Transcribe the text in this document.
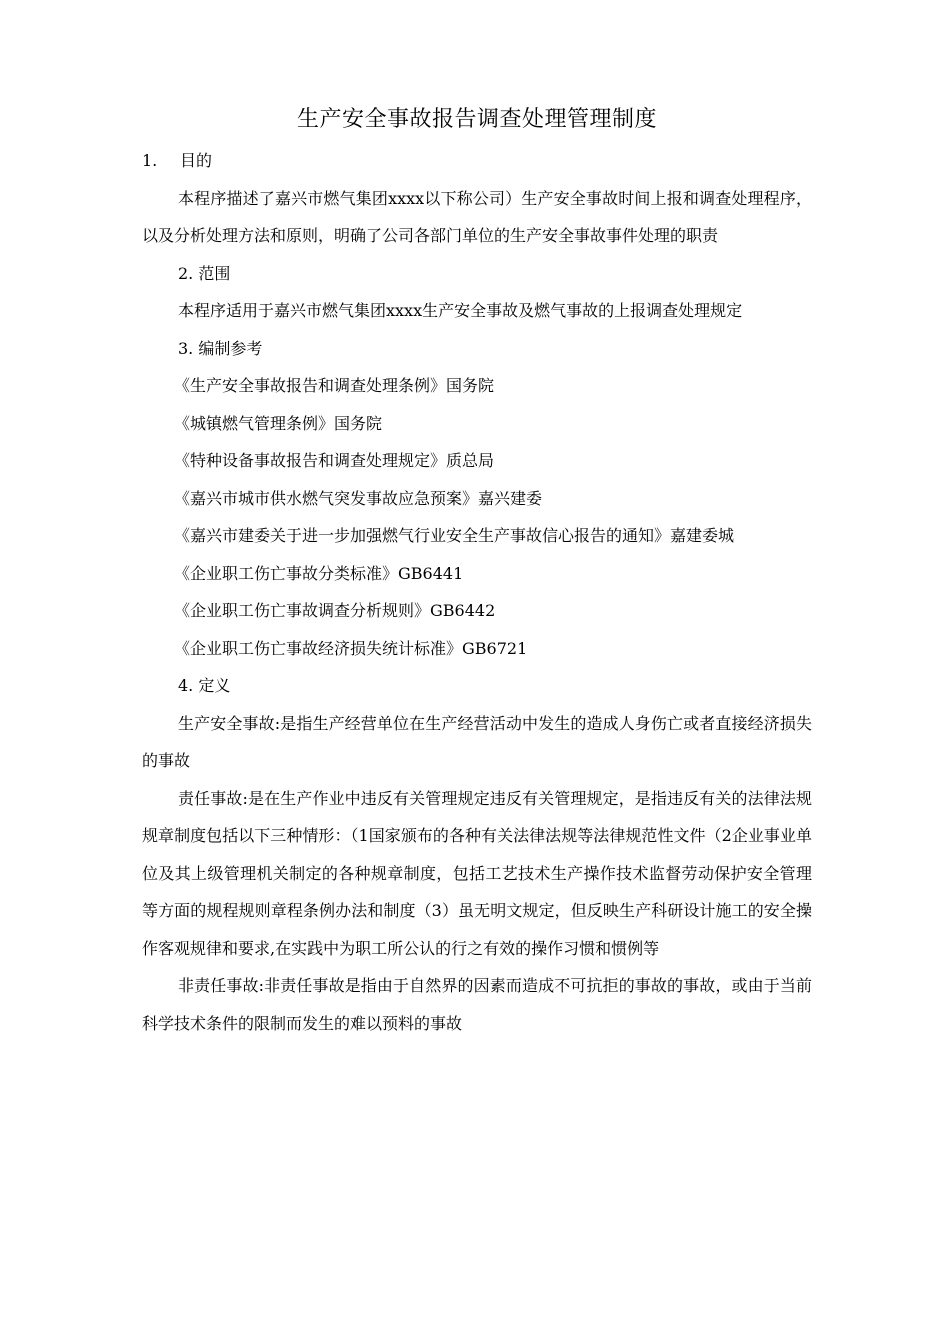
生产安全事故报告调查处理管理制度

1. 目的

本程序描述了嘉兴市燃气集团xxxx以下称公司）生产安全事故时间上报和调查处理程序，以及分析处理方法和原则，明确了公司各部门单位的生产安全事故事件处理的职责

2. 范围

本程序适用于嘉兴市燃气集团xxxx生产安全事故及燃气事故的上报调查处理规定

3. 编制参考

《生产安全事故报告和调查处理条例》国务院
《城镇燃气管理条例》国务院
《特种设备事故报告和调查处理规定》质总局
《嘉兴市城市供水燃气突发事故应急预案》嘉兴建委
《嘉兴市建委关于进一步加强燃气行业安全生产事故信心报告的通知》嘉建委城
《企业职工伤亡事故分类标准》GB6441
《企业职工伤亡事故调查分析规则》GB6442
《企业职工伤亡事故经济损失统计标准》GB6721

4. 定义

生产安全事故:是指生产经营单位在生产经营活动中发生的造成人身伤亡或者直接经济损失的事故

责任事故:是在生产作业中违反有关管理规定违反有关管理规定，是指违反有关的法律法规规章制度包括以下三种情形：（1国家颁布的各种有关法律法规等法律规范性文件（2企业事业单位及其上级管理机关制定的各种规章制度，包括工艺技术生产操作技术监督劳动保护安全管理等方面的规程规则章程条例办法和制度（3）虽无明文规定，但反映生产科研设计施工的安全操作客观规律和要求,在实践中为职工所公认的行之有效的操作习惯和惯例等

非责任事故:非责任事故是指由于自然界的因素而造成不可抗拒的事故的事故，或由于当前科学技术条件的限制而发生的难以预料的事故
